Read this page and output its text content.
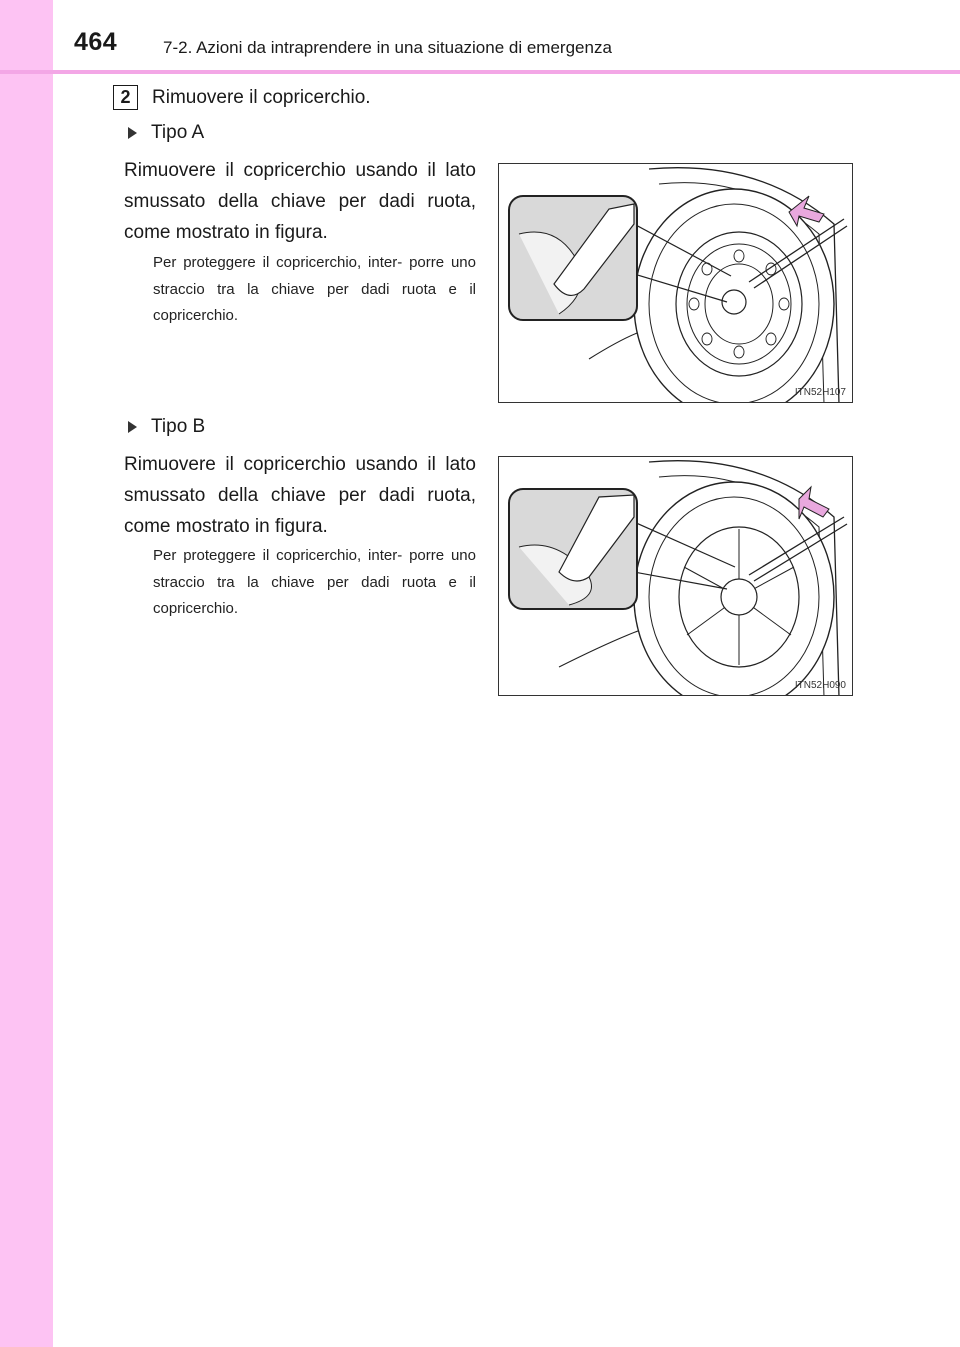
464	7-2. Azioni da intraprendere in una situazione di emergenza
2	Rimuovere il copricerchio.
Tipo A
Rimuovere il copricerchio usando il lato smussato della chiave per dadi ruota, come mostrato in figura.
Per proteggere il copricerchio, inter- porre uno straccio tra la chiave per dadi ruota e il copricerchio.
ITN52H107
Tipo B
Rimuovere il copricerchio usando il lato smussato della chiave per dadi ruota, come mostrato in figura.
Per proteggere il copricerchio, inter- porre uno straccio tra la chiave per dadi ruota e il copricerchio.
ITN52H090
